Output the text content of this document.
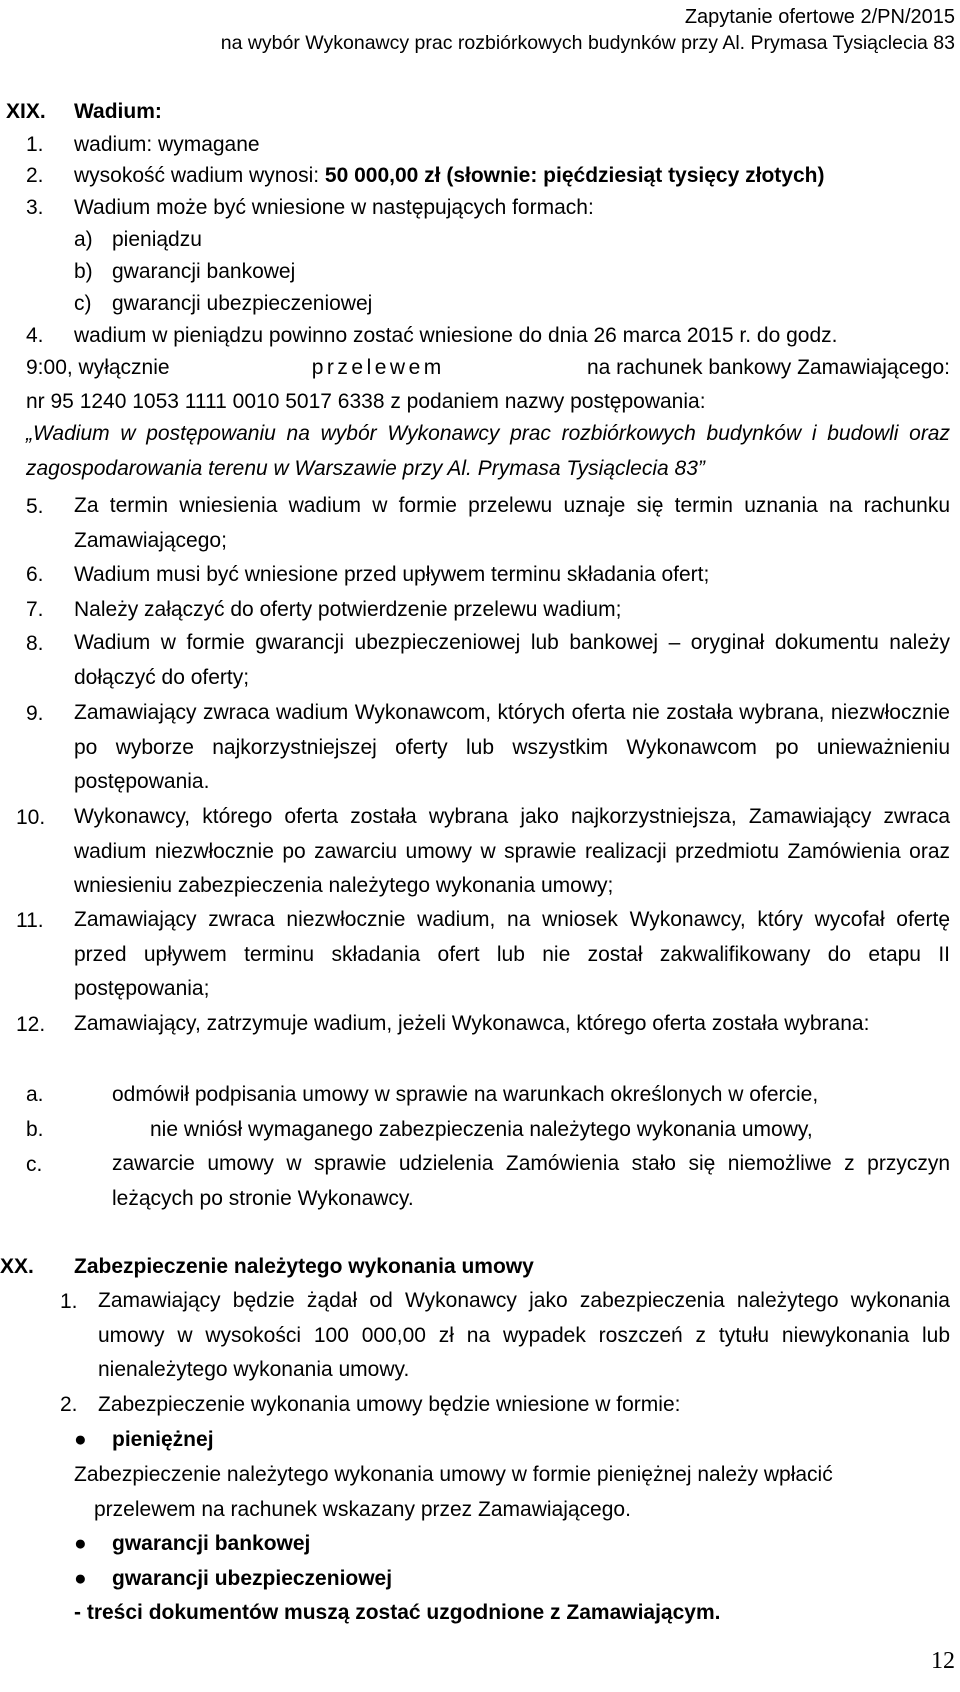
Zapytanie ofertowe 2/PN/2015
na wybór Wykonawcy prac rozbiórkowych budynków przy Al. Prymasa Tysiąclecia 83
XIX. Wadium:
1. wadium: wymagane
2. wysokość wadium wynosi: 50 000,00 zł (słownie: pięćdziesiąt tysięcy złotych)
3. Wadium może być wniesione w następujących formach:
a) pieniądzu
b) gwarancji bankowej
c) gwarancji ubezpieczeniowej
4. wadium w pieniądzu powinno zostać wniesione do dnia 26 marca 2015 r. do godz.
9:00, wyłącznie	przelewem	na rachunek bankowy Zamawiającego:
nr 95 1240 1053 1111 0010 5017 6338 z podaniem nazwy postępowania:
„Wadium w postępowaniu na wybór Wykonawcy prac rozbiórkowych budynków i budowli oraz zagospodarowania terenu w Warszawie przy Al. Prymasa Tysiąclecia 83”
5. Za termin wniesienia wadium w formie przelewu uznaje się termin uznania na rachunku Zamawiającego;
6. Wadium musi być wniesione przed upływem terminu składania ofert;
7. Należy załączyć do oferty potwierdzenie przelewu wadium;
8. Wadium w formie gwarancji ubezpieczeniowej lub bankowej – oryginał dokumentu należy dołączyć do oferty;
9. Zamawiający zwraca wadium Wykonawcom, których oferta nie została wybrana, niezwłocznie po wyborze najkorzystniejszej oferty lub wszystkim Wykonawcom po unieważnieniu postępowania.
10. Wykonawcy, którego oferta została wybrana jako najkorzystniejsza, Zamawiający zwraca wadium niezwłocznie po zawarciu umowy w sprawie realizacji przedmiotu Zamówienia oraz wniesieniu zabezpieczenia należytego wykonania umowy;
11. Zamawiający zwraca niezwłocznie wadium, na wniosek Wykonawcy, który wycofał ofertę przed upływem terminu składania ofert lub nie został zakwalifikowany do etapu II postępowania;
12. Zamawiający, zatrzymuje wadium, jeżeli Wykonawca, którego oferta została wybrana:
a.	odmówił podpisania umowy w sprawie na warunkach określonych w ofercie,
b.	nie wniósł wymaganego zabezpieczenia należytego wykonania umowy,
c.	zawarcie umowy w sprawie udzielenia Zamówienia stało się niemożliwe z przyczyn leżących po stronie Wykonawcy.
XX. Zabezpieczenie należytego wykonania umowy
1. Zamawiający będzie żądał od Wykonawcy jako zabezpieczenia należytego wykonania umowy w wysokości 100 000,00 zł na wypadek roszczeń z tytułu niewykonania lub nienależytego wykonania umowy.
2. Zabezpieczenie wykonania umowy będzie wniesione w formie:
● pieniężnej
Zabezpieczenie należytego wykonania umowy w formie pieniężnej należy wpłacić
przelewem na rachunek wskazany przez Zamawiającego.
● gwarancji bankowej
● gwarancji ubezpieczeniowej
- treści dokumentów muszą zostać uzgodnione z Zamawiającym.
12
